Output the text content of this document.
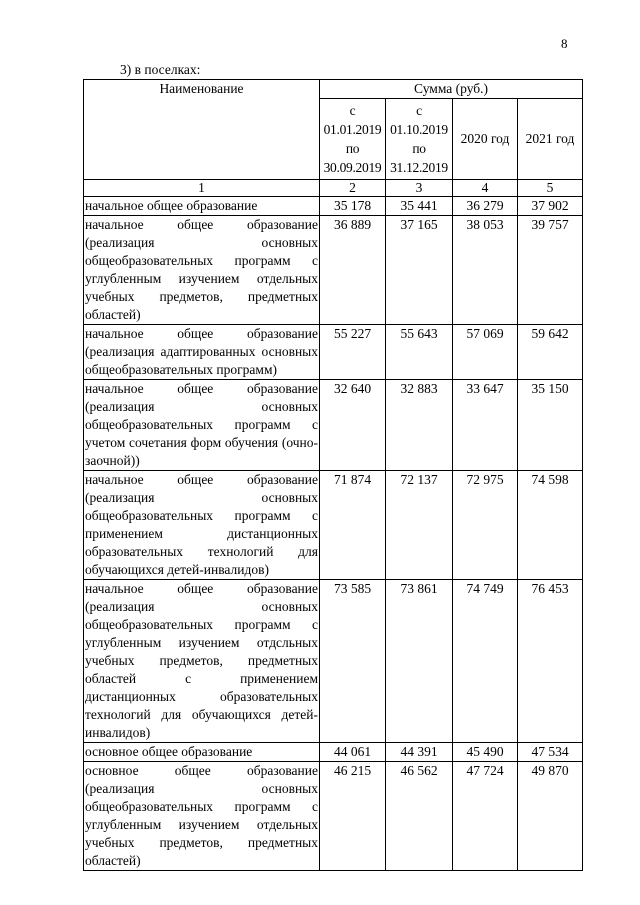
8
3) в поселках:
Наименование	Сумма (руб.)			

	с
01.01.2019
по
30.09.2019	с
01.10.2019
по
31.12.2019	2020 год	2021 год
1	2	3	4	5
начальное общее образование	35 178	35 441	36 279	37 902
начальное общее образование (реализация основных общеобразовательных программ с углубленным изучением отдельных учебных предметов, предметных областей)	36 889	37 165	38 053	39 757
начальное общее образование (реализация адаптированных основных общеобразовательных программ)	55 227	55 643	57 069	59 642
начальное общее образование (реализация основных общеобразовательных программ с учетом сочетания форм обучения (очно-заочной))	32 640	32 883	33 647	35 150
начальное общее образование (реализация основных общеобразовательных программ с применением дистанционных образовательных технологий для обучающихся детей-инвалидов)	71 874	72 137	72 975	74 598
начальное общее образование (реализация основных общеобразовательных программ с углубленным изучением отдсльных учебных предметов, предметных областей с применением дистанционных образовательных технологий для обучающихся детей-инвалидов)	73 585	73 861	74 749	76 453
основное общее образование	44 061	44 391	45 490	47 534
основное общее образование (реализация основных общеобразовательных программ с углубленным изучением отдельных учебных предметов, предметных областей)	46 215	46 562	47 724	49 870
